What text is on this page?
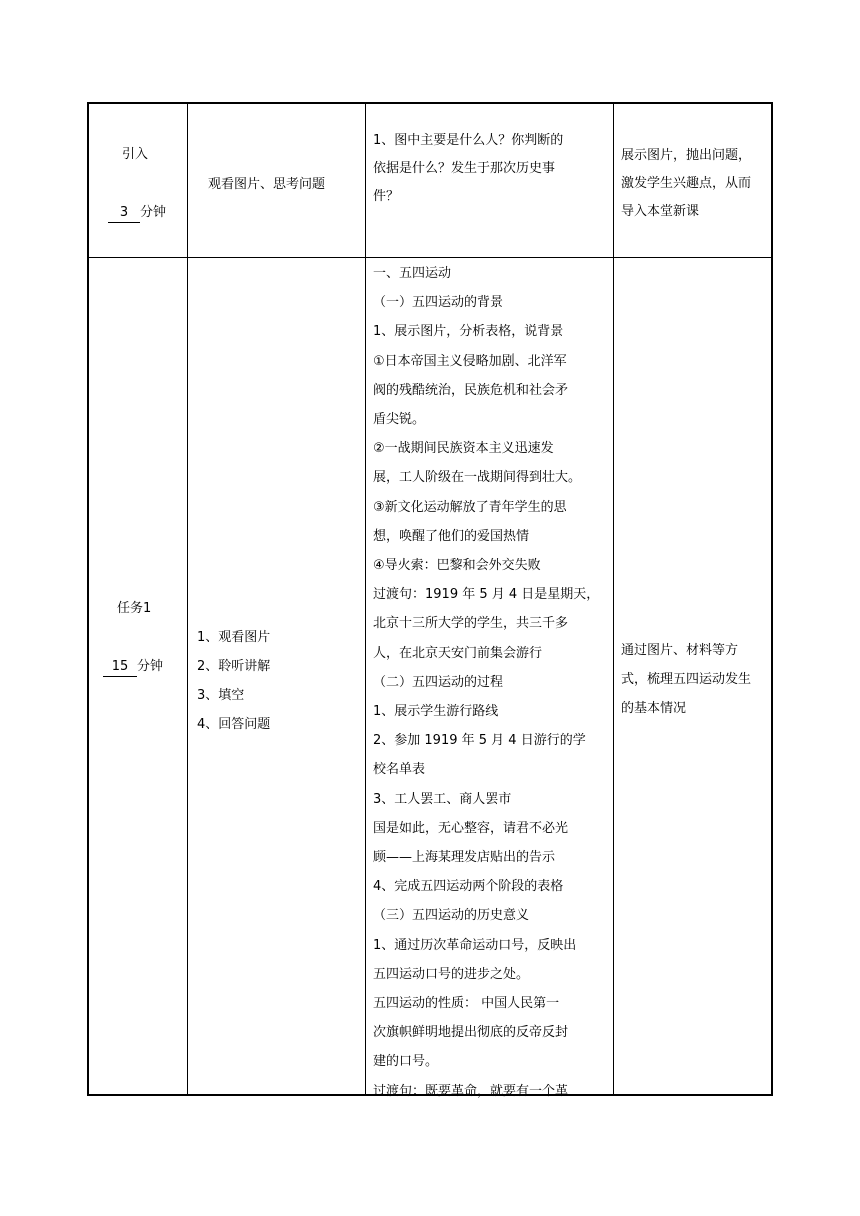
引入
3 分钟
观看图片、思考问题
1、图中主要是什么人？你判断的
依据是什么？发生于那次历史事
件？
展示图片，抛出问题，
激发学生兴趣点，从而
导入本堂新课
任务1
15 分钟
1、观看图片
2、聆听讲解
3、填空
4、回答问题
一、五四运动
（一）五四运动的背景
1、展示图片，分析表格，说背景
①日本帝国主义侵略加剧、北洋军
阀的残酷统治，民族危机和社会矛
盾尖锐。
②一战期间民族资本主义迅速发
展，工人阶级在一战期间得到壮大。
③新文化运动解放了青年学生的思
想，唤醒了他们的爱国热情
④导火索：巴黎和会外交失败
过渡句：1919 年 5 月 4 日是星期天，
北京十三所大学的学生，共三千多
人，在北京天安门前集会游行
（二）五四运动的过程
1、展示学生游行路线
2、参加 1919 年 5 月 4 日游行的学
校名单表
3、工人罢工、商人罢市
国是如此，无心整容，请君不必光
顾——上海某理发店贴出的告示
4、完成五四运动两个阶段的表格
（三）五四运动的历史意义
1、通过历次革命运动口号，反映出
五四运动口号的进步之处。
五四运动的性质： 中国人民第一
次旗帜鲜明地提出彻底的反帝反封
建的口号。
过渡句：既要革命，就要有一个革
通过图片、材料等方
式，梳理五四运动发生
的基本情况
